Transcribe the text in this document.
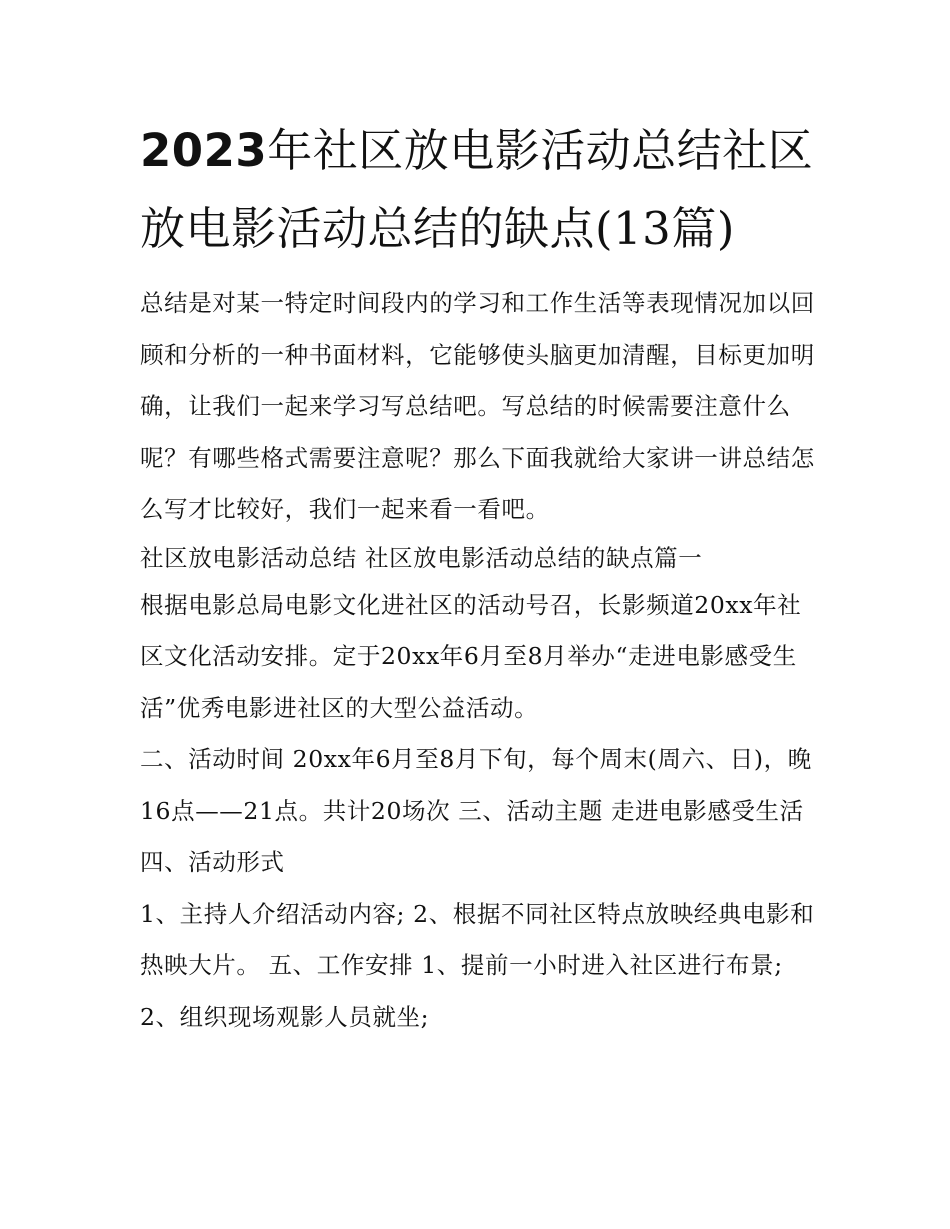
2023年社区放电影活动总结社区放电影活动总结的缺点(13篇)

总结是对某一特定时间段内的学习和工作生活等表现情况加以回顾和分析的一种书面材料，它能够使头脑更加清醒，目标更加明确，让我们一起来学习写总结吧。写总结的时候需要注意什么呢？有哪些格式需要注意呢？那么下面我就给大家讲一讲总结怎么写才比较好，我们一起来看一看吧。

社区放电影活动总结 社区放电影活动总结的缺点篇一

根据电影总局电影文化进社区的活动号召，长影频道20xx年社区文化活动安排。定于20xx年6月至8月举办“走进电影感受生活”优秀电影进社区的大型公益活动。

二、活动时间 20xx年6月至8月下旬，每个周末(周六、日)，晚16点——21点。共计20场次 三、活动主题 走进电影感受生活 四、活动形式

1、主持人介绍活动内容; 2、根据不同社区特点放映经典电影和热映大片。 五、工作安排 1、提前一小时进入社区进行布景; 2、组织现场观影人员就坐;
